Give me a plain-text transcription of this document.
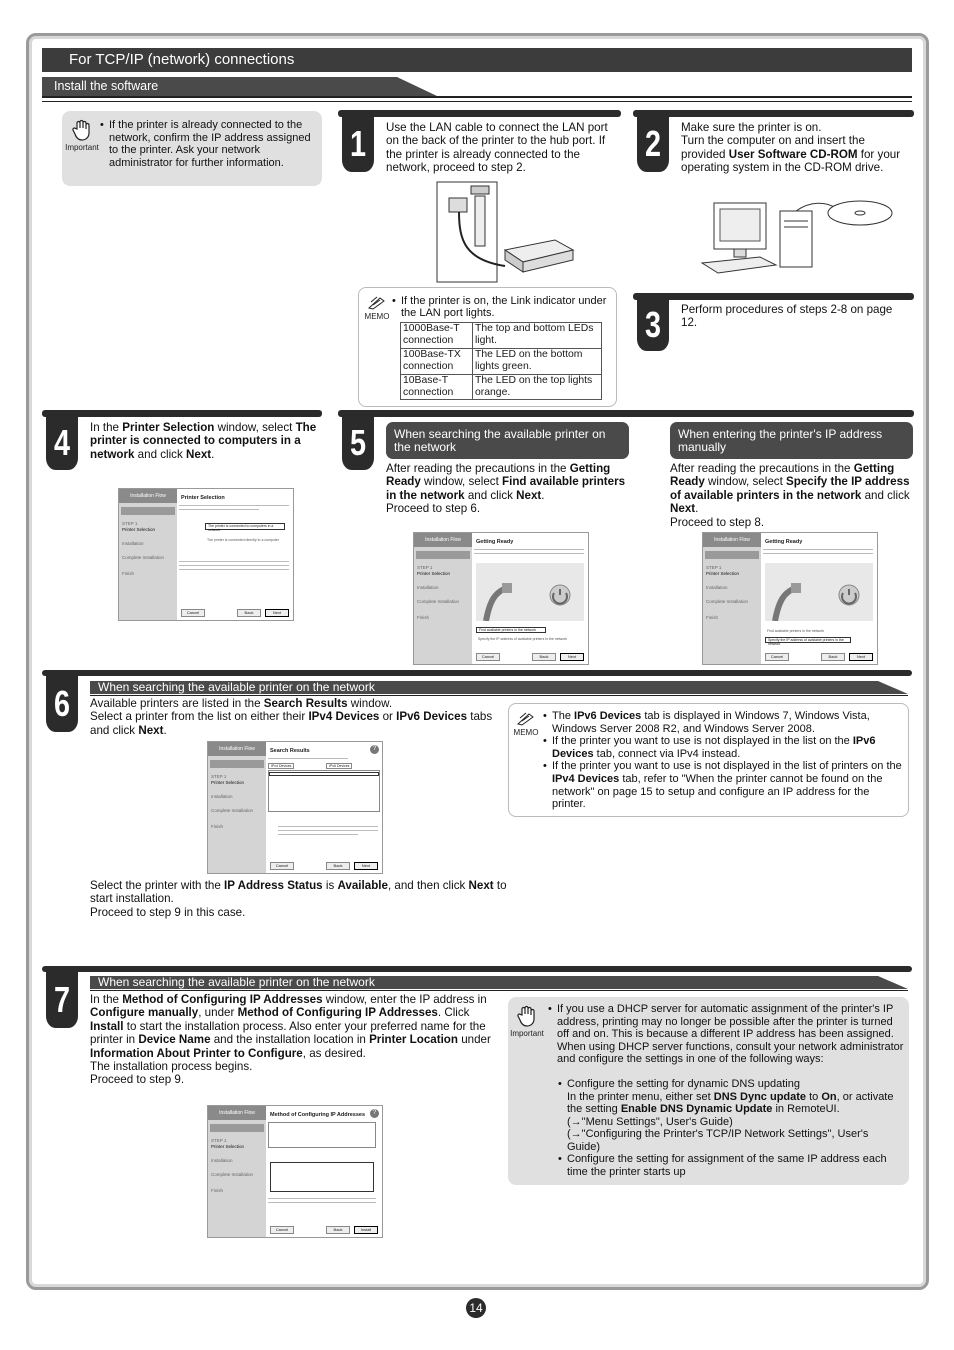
For TCP/IP (network) connections
Install the software
Important
• If the printer is already connected to the network, confirm the IP address assigned to the printer. Ask your network administrator for further information.	1	Use the LAN cable to connect the LAN port on the back of the printer to the hub port. If the printer is already connected to the network, proceed to step 2.
MEMO
• If the printer is on, the Link indicator under the LAN port lights.
1000Base-T connection	The top and bottom LEDs light.
100Base-TX connection	The LED on the bottom lights green.
10Base-T connection	The LED on the top lights orange.
2	Make sure the printer is on.
Turn the computer on and insert the provided User Software CD-ROM for your operating system in the CD-ROM drive.
3	Perform procedures of steps 2-8 on page 12.
4	In the Printer Selection window, select The printer is connected to computers in a network and click Next.
Installation Flow
STEP 1
Printer Selection
Installation
Complete Installation
Finish
Printer Selection
The printer is connected to computers in a network
The printer is connected directly to a computer
Cancel	Back	Next
5	When searching the available printer on the network
When entering the printer's IP address manually
After reading the precautions in the Getting Ready window, select Find available printers in the network and click Next.
Proceed to step 6.
After reading the precautions in the Getting Ready window, select Specify the IP address of available printers in the network and click Next.
Proceed to step 8.
Installation Flow
STEP 1
Printer Selection
Installation
Complete Installation
Finish
Getting Ready
Find available printers in the network
Specify the IP address of available printers in the network
Cancel	Back	Next
Installation Flow
STEP 1
Printer Selection
Installation
Complete Installation
Finish
Getting Ready
Find available printers in the network
Specify the IP address of available printers in the network
Cancel	Back	Next
6	When searching the available printer on the network
Available printers are listed in the Search Results window.
Select a printer from the list on either their IPv4 Devices or IPv6 Devices tabs and click Next.
Installation Flow
STEP 1
Printer Selection
Installation
Complete Installation
Finish
Search Results	?
IPv4 Devices	IPv6 Devices
Cancel	Back	Next
Select the printer with the IP Address Status is Available, and then click Next to start installation.
Proceed to step 9 in this case.
MEMO
• The IPv6 Devices tab is displayed in Windows 7, Windows Vista, Windows Server 2008 R2, and Windows Server 2008.
• If the printer you want to use is not displayed in the list on the IPv6 Devices tab, connect via IPv4 instead.
• If the printer you want to use is not displayed in the list of printers on the IPv4 Devices tab, refer to "When the printer cannot be found on the network" on page 15 to setup and configure an IP address for the printer.
7	When searching the available printer on the network
In the Method of Configuring IP Addresses window, enter the IP address in Configure manually, under Method of Configuring IP Addresses. Click Install to start the installation process. Also enter your preferred name for the printer in Device Name and the installation location in Printer Location under Information About Printer to Configure, as desired.
The installation process begins.
Proceed to step 9.
Installation Flow
STEP 1
Printer Selection
Installation
Complete Installation
Finish
Method of Configuring IP Addresses	?
Cancel	Back	Install
Important
• If you use a DHCP server for automatic assignment of the printer's IP address, printing may no longer be possible after the printer is turned off and on. This is because a different IP address has been assigned. When using DHCP server functions, consult your network administrator and configure the settings in one of the following ways:
• Configure the setting for dynamic DNS updating
In the printer menu, either set DNS Dync update to On, or activate the setting Enable DNS Dynamic Update in RemoteUI.
(→"Menu Settings", User's Guide)
(→"Configuring the Printer's TCP/IP Network Settings", User's Guide)
• Configure the setting for assignment of the same IP address each time the printer starts up
14
